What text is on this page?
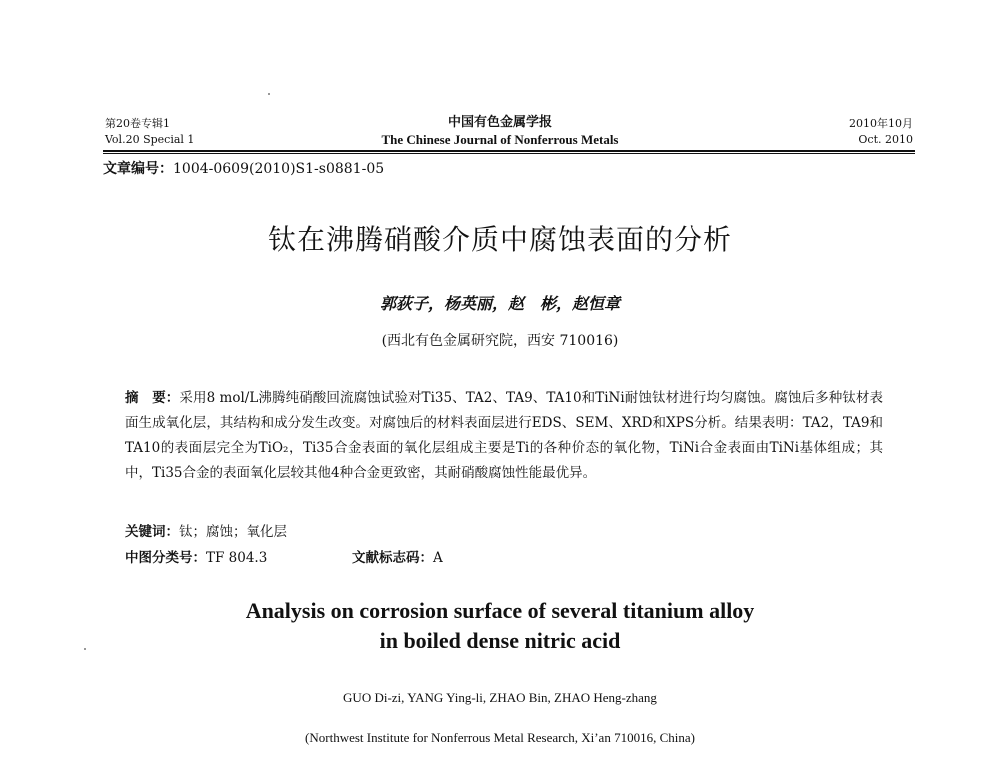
第20卷专辑1
Vol.20 Special 1
中国有色金属学报
The Chinese Journal of Nonferrous Metals
2010年10月
Oct. 2010
文章编号：1004-0609(2010)S1-s0881-05
钛在沸腾硝酸介质中腐蚀表面的分析
郭荻子，杨英丽，赵　彬，赵恒章
(西北有色金属研究院，西安 710016)
摘　要：采用8 mol/L沸腾纯硝酸回流腐蚀试验对Ti35、TA2、TA9、TA10和TiNi耐蚀钛材进行均匀腐蚀。腐蚀后多种钛材表面生成氧化层，其结构和成分发生改变。对腐蚀后的材料表面层进行EDS、SEM、XRD和XPS分析。结果表明：TA2，TA9和TA10的表面层完全为TiO₂，Ti35合金表面的氧化层组成主要是Ti的各种价态的氧化物，TiNi合金表面由TiNi基体组成；其中，Ti35合金的表面氧化层较其他4种合金更致密，其耐硝酸腐蚀性能最优异。
关键词：钛；腐蚀；氧化层
中图分类号：TF 804.3	文献标志码：A
Analysis on corrosion surface of several titanium alloy
in boiled dense nitric acid
GUO Di-zi, YANG Ying-li, ZHAO Bin, ZHAO Heng-zhang
(Northwest Institute for Nonferrous Metal Research, Xi’an 710016, China)
